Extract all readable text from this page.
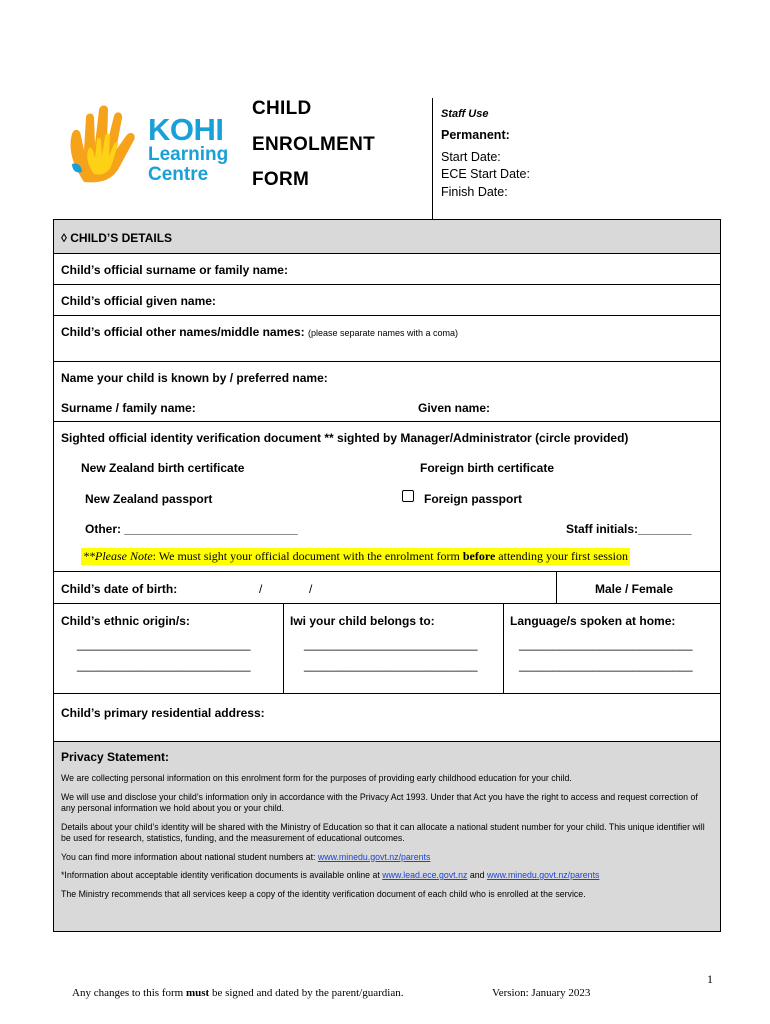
KOHI
Learning
Centre
CHILD
ENROLMENT
FORM
Staff Use
Permanent:
Start Date:
ECE Start Date:
Finish Date:
◊ CHILD’S DETAILS
Child’s official surname or family name:
Child’s official given name:
Child’s official other names/middle names: (please separate names with a coma)
Name your child is known by / preferred name:
Surname / family name:	Given name:
Sighted official identity verification document ** sighted by Manager/Administrator (circle provided)
New Zealand birth certificate	Foreign birth certificate
New Zealand passport	Foreign passport
Other: __________________________	Staff initials:________
**Please Note: We must sight your official document with the enrolment form before attending your first session
Child’s date of birth:	/	/	Male / Female
Child’s ethnic origin/s:	Iwi your child belongs to:	Language/s spoken at home:
__________________________
__________________________
__________________________
__________________________
__________________________
__________________________
Child’s primary residential address:
Privacy Statement:
We are collecting personal information on this enrolment form for the purposes of providing early childhood education for your child.
We will use and disclose your child’s information only in accordance with the Privacy Act 1993. Under that Act you have the right to access and request correction of any personal information we hold about you or your child.
Details about your child’s identity will be shared with the Ministry of Education so that it can allocate a national student number for your child. This unique identifier will be used for research, statistics, funding, and the measurement of educational outcomes.
You can find more information about national student numbers at: www.minedu.govt.nz/parents
*Information about acceptable identity verification documents is available online at www.lead.ece.govt.nz and www.minedu.govt.nz/parents
The Ministry recommends that all services keep a copy of the identity verification document of each child who is enrolled at the service.
1
Any changes to this form must be signed and dated by the parent/guardian.	Version: January 2023
